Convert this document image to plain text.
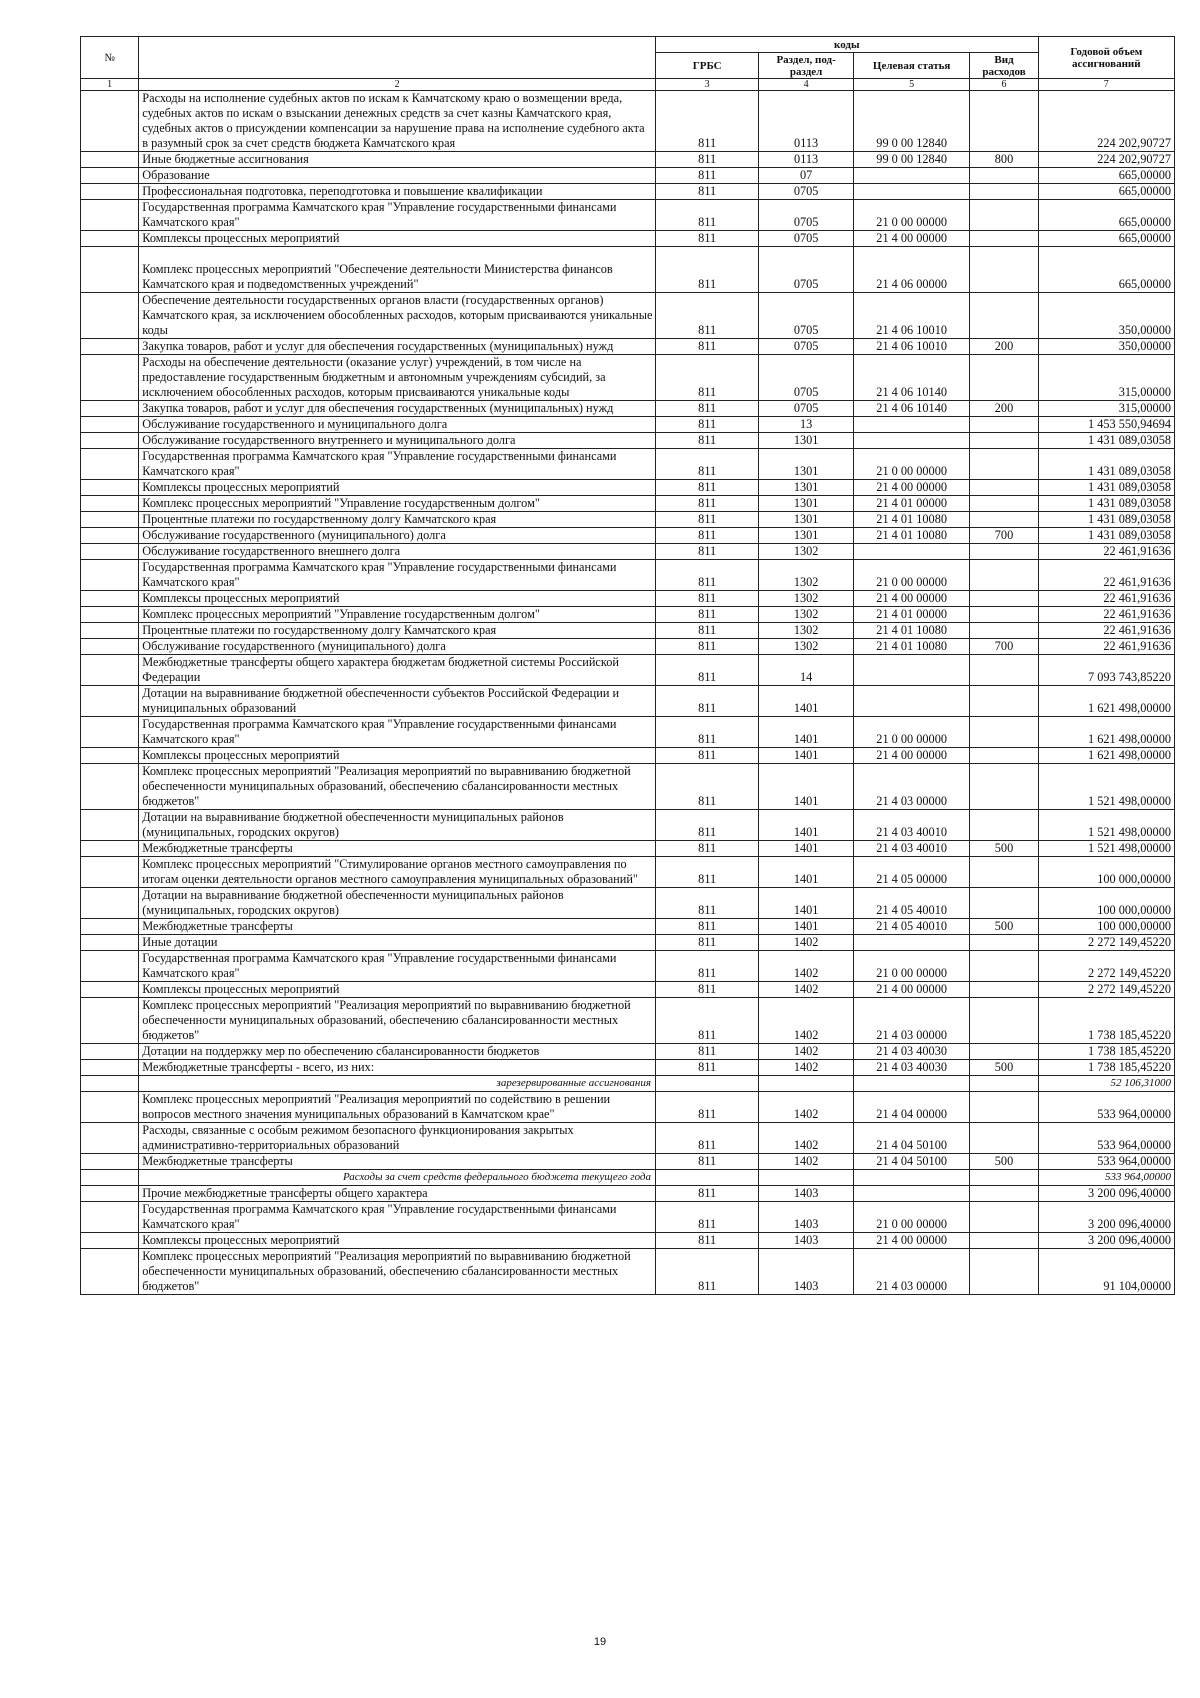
№		коды				Годовой объем ассигнований
		ГРБС	Раздел, под-раздел	Целевая статья	Вид расходов	
1	2	3	4	5	6	7
	Расходы на исполнение судебных актов по искам к Камчатскому краю о возмещении вреда, судебных актов по искам о взыскании денежных средств за счет казны Камчатского края, судебных актов о присуждении компенсации за нарушение права на исполнение судебного акта в разумный срок за счет средств бюджета Камчатского края	811	0113	99 0 00 12840		224 202,90727
	Иные бюджетные ассигнования	811	0113	99 0 00 12840	800	224 202,90727
	Образование	811	07			665,00000
	Профессиональная подготовка, переподготовка и повышение квалификации	811	0705			665,00000
	Государственная программа Камчатского края "Управление государственными финансами Камчатского края"	811	0705	21 0 00 00000		665,00000
	Комплексы процессных мероприятий	811	0705	21 4 00 00000		665,00000
	Комплекс процессных мероприятий "Обеспечение деятельности Министерства финансов Камчатского края и подведомственных учреждений"	811	0705	21 4 06 00000		665,00000
	Обеспечение деятельности государственных органов власти (государственных органов) Камчатского края, за исключением обособленных расходов, которым присваиваются уникальные коды	811	0705	21 4 06 10010		350,00000
	Закупка товаров, работ и услуг для обеспечения государственных (муниципальных) нужд	811	0705	21 4 06 10010	200	350,00000
	Расходы на обеспечение деятельности (оказание услуг) учреждений, в том числе на предоставление государственным бюджетным и автономным учреждениям субсидий, за исключением обособленных расходов, которым присваиваются уникальные коды	811	0705	21 4 06 10140		315,00000
	Закупка товаров, работ и услуг для обеспечения государственных (муниципальных) нужд	811	0705	21 4 06 10140	200	315,00000
	Обслуживание государственного и муниципального долга	811	13			1 453 550,94694
	Обслуживание государственного внутреннего и муниципального долга	811	1301			1 431 089,03058
	Государственная программа Камчатского края "Управление государственными финансами Камчатского края"	811	1301	21 0 00 00000		1 431 089,03058
	Комплексы процессных мероприятий	811	1301	21 4 00 00000		1 431 089,03058
	Комплекс процессных мероприятий "Управление государственным долгом"	811	1301	21 4 01 00000		1 431 089,03058
	Процентные платежи по государственному долгу Камчатского края	811	1301	21 4 01 10080		1 431 089,03058
	Обслуживание государственного (муниципального) долга	811	1301	21 4 01 10080	700	1 431 089,03058
	Обслуживание государственного внешнего долга	811	1302			22 461,91636
	Государственная программа Камчатского края "Управление государственными финансами Камчатского края"	811	1302	21 0 00 00000		22 461,91636
	Комплексы процессных мероприятий	811	1302	21 4 00 00000		22 461,91636
	Комплекс процессных мероприятий "Управление государственным долгом"	811	1302	21 4 01 00000		22 461,91636
	Процентные платежи по государственному долгу Камчатского края	811	1302	21 4 01 10080		22 461,91636
	Обслуживание государственного (муниципального) долга	811	1302	21 4 01 10080	700	22 461,91636
	Межбюджетные трансферты общего характера бюджетам бюджетной системы Российской Федерации	811	14			7 093 743,85220
	Дотации на выравнивание бюджетной обеспеченности субъектов Российской Федерации и муниципальных образований	811	1401			1 621 498,00000
	Государственная программа Камчатского края "Управление государственными финансами Камчатского края"	811	1401	21 0 00 00000		1 621 498,00000
	Комплексы процессных мероприятий	811	1401	21 4 00 00000		1 621 498,00000
	Комплекс процессных мероприятий "Реализация мероприятий по выравниванию бюджетной обеспеченности муниципальных образований, обеспечению сбалансированности местных бюджетов"	811	1401	21 4 03 00000		1 521 498,00000
	Дотации на выравнивание бюджетной обеспеченности муниципальных районов (муниципальных, городских округов)	811	1401	21 4 03 40010		1 521 498,00000
	Межбюджетные трансферты	811	1401	21 4 03 40010	500	1 521 498,00000
	Комплекс процессных мероприятий "Стимулирование органов местного самоуправления по итогам оценки деятельности органов местного самоуправления муниципальных образований"	811	1401	21 4 05 00000		100 000,00000
	Дотации на выравнивание бюджетной обеспеченности муниципальных районов (муниципальных, городских округов)	811	1401	21 4 05 40010		100 000,00000
	Межбюджетные трансферты	811	1401	21 4 05 40010	500	100 000,00000
	Иные дотации	811	1402			2 272 149,45220
	Государственная программа Камчатского края "Управление государственными финансами Камчатского края"	811	1402	21 0 00 00000		2 272 149,45220
	Комплексы процессных мероприятий	811	1402	21 4 00 00000		2 272 149,45220
	Комплекс процессных мероприятий "Реализация мероприятий по выравниванию бюджетной обеспеченности муниципальных образований, обеспечению сбалансированности местных бюджетов"	811	1402	21 4 03 00000		1 738 185,45220
	Дотации на поддержку мер по обеспечению сбалансированности бюджетов	811	1402	21 4 03 40030		1 738 185,45220
	Межбюджетные трансферты - всего, из них:	811	1402	21 4 03 40030	500	1 738 185,45220
	зарезервированные ассигнования					52 106,31000
	Комплекс процессных мероприятий "Реализация мероприятий по содействию в решении вопросов местного значения муниципальных образований в Камчатском крае"	811	1402	21 4 04 00000		533 964,00000
	Расходы, связанные с особым режимом безопасного функционирования закрытых административно-территориальных образований	811	1402	21 4 04 50100		533 964,00000
	Межбюджетные трансферты	811	1402	21 4 04 50100	500	533 964,00000
	Расходы за счет средств федерального бюджета текущего года					533 964,00000
	Прочие межбюджетные трансферты общего характера	811	1403			3 200 096,40000
	Государственная программа Камчатского края "Управление государственными финансами Камчатского края"	811	1403	21 0 00 00000		3 200 096,40000
	Комплексы процессных мероприятий	811	1403	21 4 00 00000		3 200 096,40000
	Комплекс процессных мероприятий "Реализация мероприятий по выравниванию бюджетной обеспеченности муниципальных образований, обеспечению сбалансированности местных бюджетов"	811	1403	21 4 03 00000		91 104,00000
19
